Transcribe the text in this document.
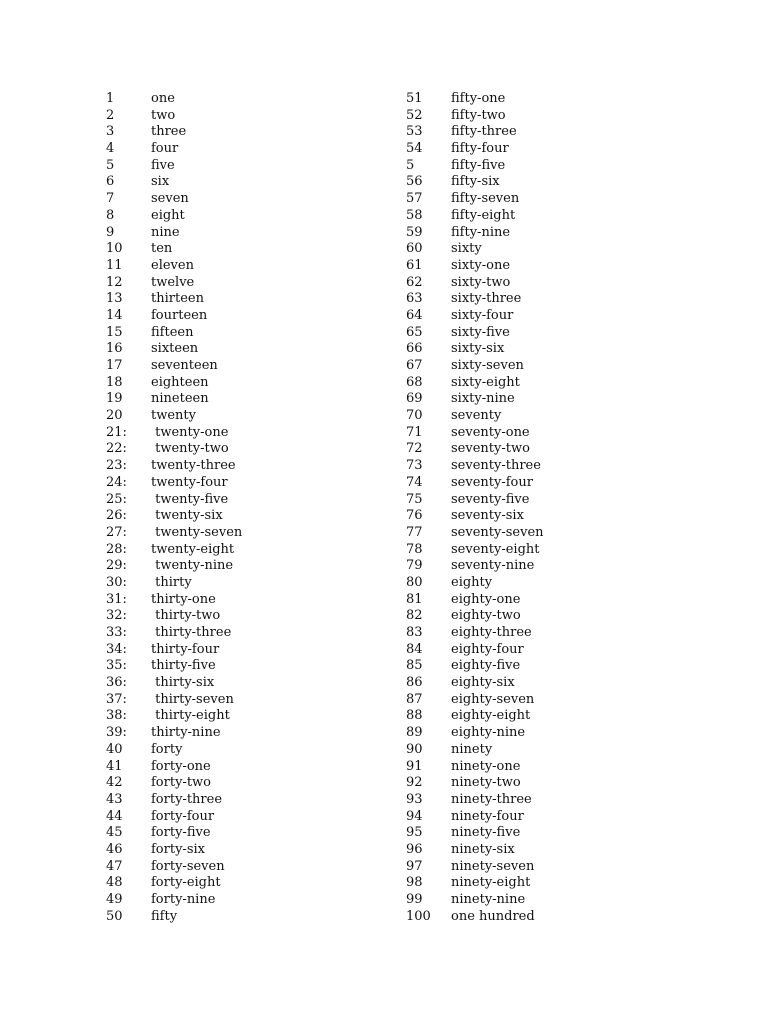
1	one
2	two
3	three
4	four
5	five
6	six
7	seven
8	eight
9	nine
10 ten
11 eleven
12 twelve
13 thirteen
14 fourteen
15 fifteen
16 sixteen
17 seventeen
18 eighteen
19 nineteen
20 twenty
21: twenty-one
22: twenty-two
23: twenty-three
24: twenty-four
25: twenty-five
26: twenty-six
27: twenty-seven
28: twenty-eight
29: twenty-nine
30: thirty
31: thirty-one
32: thirty-two
33: thirty-three
34: thirty-four
35: thirty-five
36: thirty-six
37: thirty-seven
38: thirty-eight
39: thirty-nine
40 forty
41 forty-one
42 forty-two
43 forty-three
44 forty-four
45 forty-five
46 forty-six
47 forty-seven
48 forty-eight
49 forty-nine
50 fifty
51 fifty-one
52 fifty-two
53 fifty-three
54 fifty-four
5	fifty-five
56 fifty-six
57 fifty-seven
58 fifty-eight
59 fifty-nine
60 sixty
61 sixty-one
62 sixty-two
63 sixty-three
64 sixty-four
65 sixty-five
66 sixty-six
67 sixty-seven
68 sixty-eight
69 sixty-nine
70 seventy
71 seventy-one
72 seventy-two
73 seventy-three
74 seventy-four
75 seventy-five
76 seventy-six
77 seventy-seven
78 seventy-eight
79 seventy-nine
80 eighty
81 eighty-one
82 eighty-two
83 eighty-three
84 eighty-four
85 eighty-five
86 eighty-six
87 eighty-seven
88 eighty-eight
89 eighty-nine
90 ninety
91 ninety-one
92 ninety-two
93 ninety-three
94 ninety-four
95 ninety-five
96 ninety-six
97 ninety-seven
98 ninety-eight
99 ninety-nine
100 one hundred
